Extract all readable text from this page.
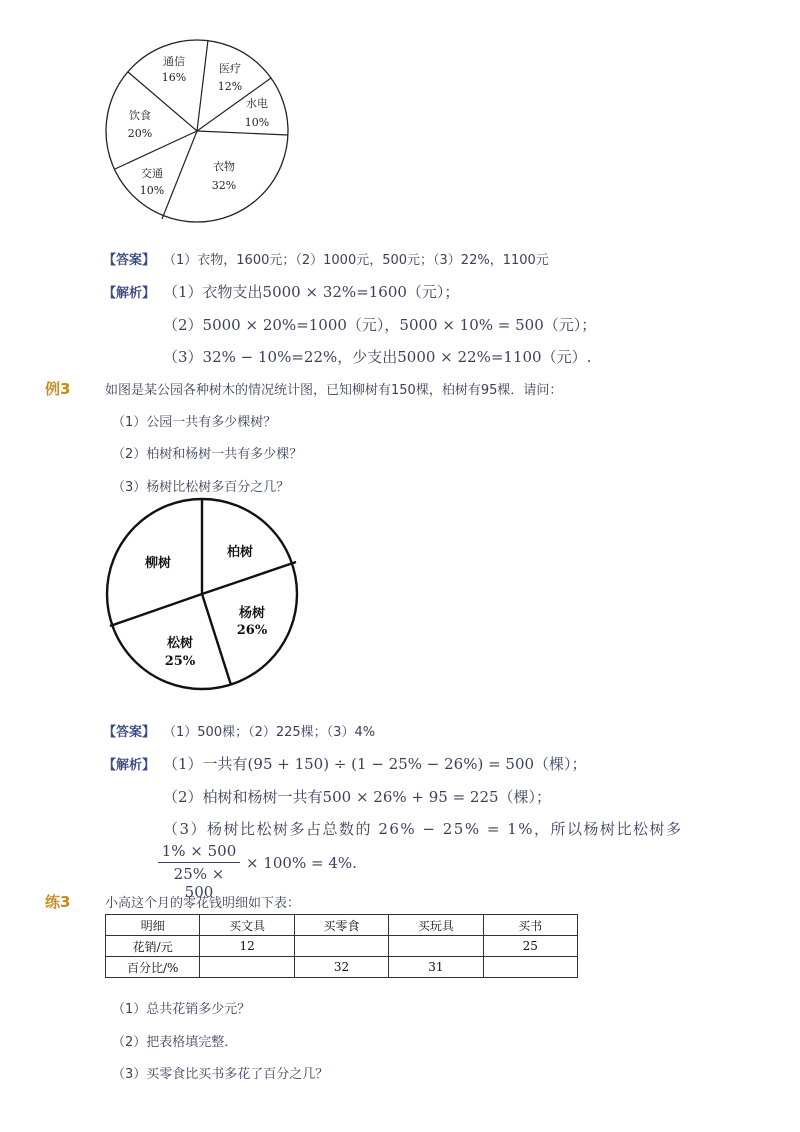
通信
16%
医疗
12%
水电
10%
衣物
32%
交通
10%
饮食
20%
【答案】 （1）衣物，1600元；（2）1000元，500元；（3）22%，1100元
【解析】 （1）衣物支出5000 × 32%=1600（元）；
（2）5000 × 20%=1000（元），5000 × 10% = 500（元）；
（3）32% − 10%=22%，少支出5000 × 22%=1100（元）.
例3	如图是某公园各种树木的情况统计图，已知柳树有150棵，柏树有95棵．请问：
（1）公园一共有多少棵树？
（2）柏树和杨树一共有多少棵？
（3）杨树比松树多百分之几？
柳树
柏树
杨树
26%
松树
25%
【答案】 （1）500棵；（2）225棵；（3）4%
【解析】 （1）一共有(95 + 150) ÷ (1 − 25% − 26%) = 500（棵）；
（2）柏树和杨树一共有500 × 26% + 95 = 225（棵）；
（3）杨树比松树多占总数的 26% − 25% = 1%，所以杨树比松树多
$\frac{1\% \times 500}{25\% \times 500} \times 100\% = 4\%$.
练3	小高这个月的零花钱明细如下表：
明细	买文具	买零食	买玩具	买书
花销/元	12			25
百分比/%		32	31	
（1）总共花销多少元？
（2）把表格填完整．
（3）买零食比买书多花了百分之几？
